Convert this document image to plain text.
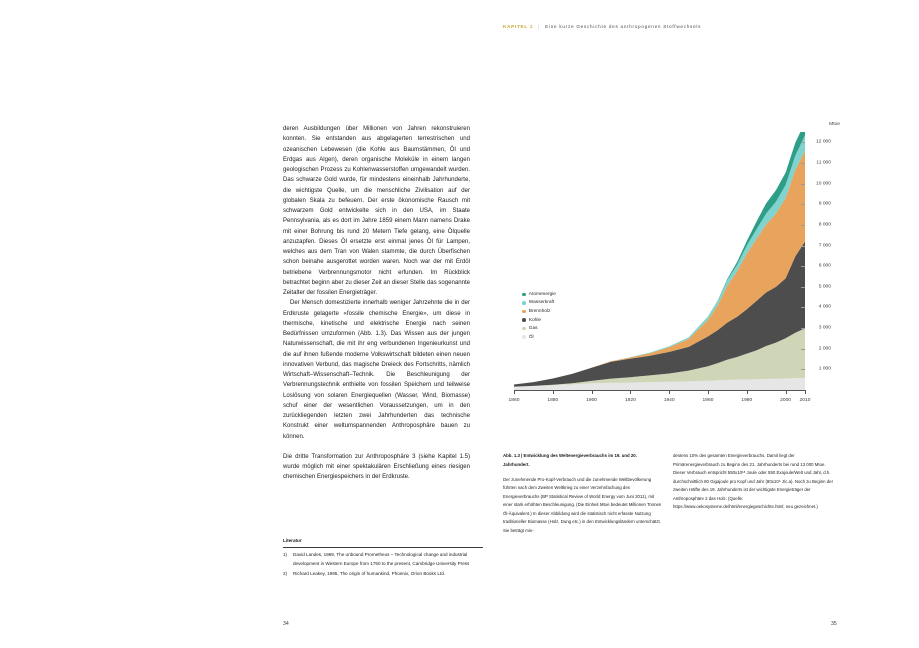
KAPITEL 1 | Eine kurze Geschichte des anthropogenen Stoffwechsels

deren Ausbildungen über Millionen von Jahren rekonstruieren konnten. Sie entstanden aus abgelagerten terrestrischen und ozeanischen Lebewesen (die Kohle aus Baumstämmen, Öl und Erdgas aus Algen), deren organische Moleküle in einem langen geologischen Prozess zu Kohlenwasserstoffen umgewandelt wurden. Das schwarze Gold wurde, für mindestens eineinhalb Jahrhunderte, die wichtigste Quelle, um die menschliche Zivilisation auf der globalen Skala zu befeuern. Der erste ökonomische Rausch mit schwarzem Gold entwickelte sich in den USA, im Staate Pennsylvania, als es dort im Jahre 1859 einem Mann namens Drake mit einer Bohrung bis rund 20 Metern Tiefe gelang, eine Ölquelle anzuzapfen. Dieses Öl ersetzte erst einmal jenes Öl für Lampen, welches aus dem Tran von Walen stammte, die durch Überfischen schon beinahe ausgerottet worden waren. Noch war der mit Erdöl betriebene Verbrennungsmotor nicht erfunden. Im Rückblick betrachtet beginn aber zu dieser Zeit an dieser Stelle das sogenannte Zeitalter der fossilen Energieträger.

Der Mensch domestizierte innerhalb weniger Jahrzehnte die in der Erdkruste gelagerte «fossile chemische Energie», um diese in thermische, kinetische und elektrische Energie nach seinen Bedürfnissen umzuformen (Abb. 1.3). Das Wissen aus der jungen Naturwissenschaft, die mit ihr eng verbundenen Ingenieurkunst und die auf ihnen fußende moderne Volkswirtschaft bildeten einen neuen innovativen Verbund, das magische Dreieck des Fortschritts, nämlich Wirtschaft–Wissenschaft–Technik. Die Beschleunigung der Verbrennungstechnik enthielte von fossilen Speichern und teilweise Loslösung von solaren Energiequellen (Wasser, Wind, Biomasse) schuf einer der wesentlichen Voraussetzungen, um in den zurückliegenden letzten zwei Jahrhunderten das technische Konstrukt einer weltumspannenden Anthroposphäre bauen zu können.

Die dritte Transformation zur Anthroposphäre 3 (siehe Kapitel 1.5) wurde möglich mit einer spektakulären Erschließung eines riesigen chemischen Energiespeichers in der Erdkruste.

Literatur
1)	David Landes, 1969, The unbound Prometheus – Technological change and industrial development in Western Europe from 1750 to the present, Cambridge University Press
2)	Richard Leakey, 1995, The origin of humankind, Phoenix, Orion Books Ltd.
34	35
Mtoe
Atomenergie
Wasserkraft
Brennholz
Kohle
Gas
Öl
1 000
2 000
3 000
4 000
5 000
6 000
7 000
8 000
9 000
10 000
11 000
12 000
1860	1880	1900	1920	1940	1960	1980	2000 2010

Abb. 1.3 | Entwicklung des Weltenergieverbrauchs im 19. und 20. Jahrhundert.

Der zunehmende Pro-Kopf-Verbrauch und die zunehmende Weltbevölkerung führten nach dem Zweiten Weltkrieg zu einer Verzehnfachung des Energieverbrauchs (BP Statistical Review of World Energy vom Juni 2011), mit einer stark erhöhten Beschleunigung. (Die Einheit Mtoe bedeutet Millionen Tonnen Öl-Äquivalent.) In dieser Abbildung wird die statistisch nicht erfasste Nutzung traditioneller Biomasse (Holz, Dung etc.) in den Entwicklungsländern unterschätzt. Sie beträgt min-

destens 10% des gesamten Energieverbrauchs. Damit liegt der Primärenergieverbrauch zu Beginn des 21. Jahrhunderts bei rund 13 000 Mtoe. Dieser Verbrauch entspricht 550x10¹⁸ Joule oder 550 Exajoule/Welt und Jahr, d.h. durchschnittlich 80 Gigajoule pro Kopf und Jahr (80x10⁹ J/c.a). Noch zu Beginn der zweiten Hälfte des 19. Jahrhunderts ist der wichtigste Energieträger der Anthroposphäre 2 das Holz. (Quelle: https://www.oekosysteme.de/html/energiegeschichte.html; neu gezeichnet.)
